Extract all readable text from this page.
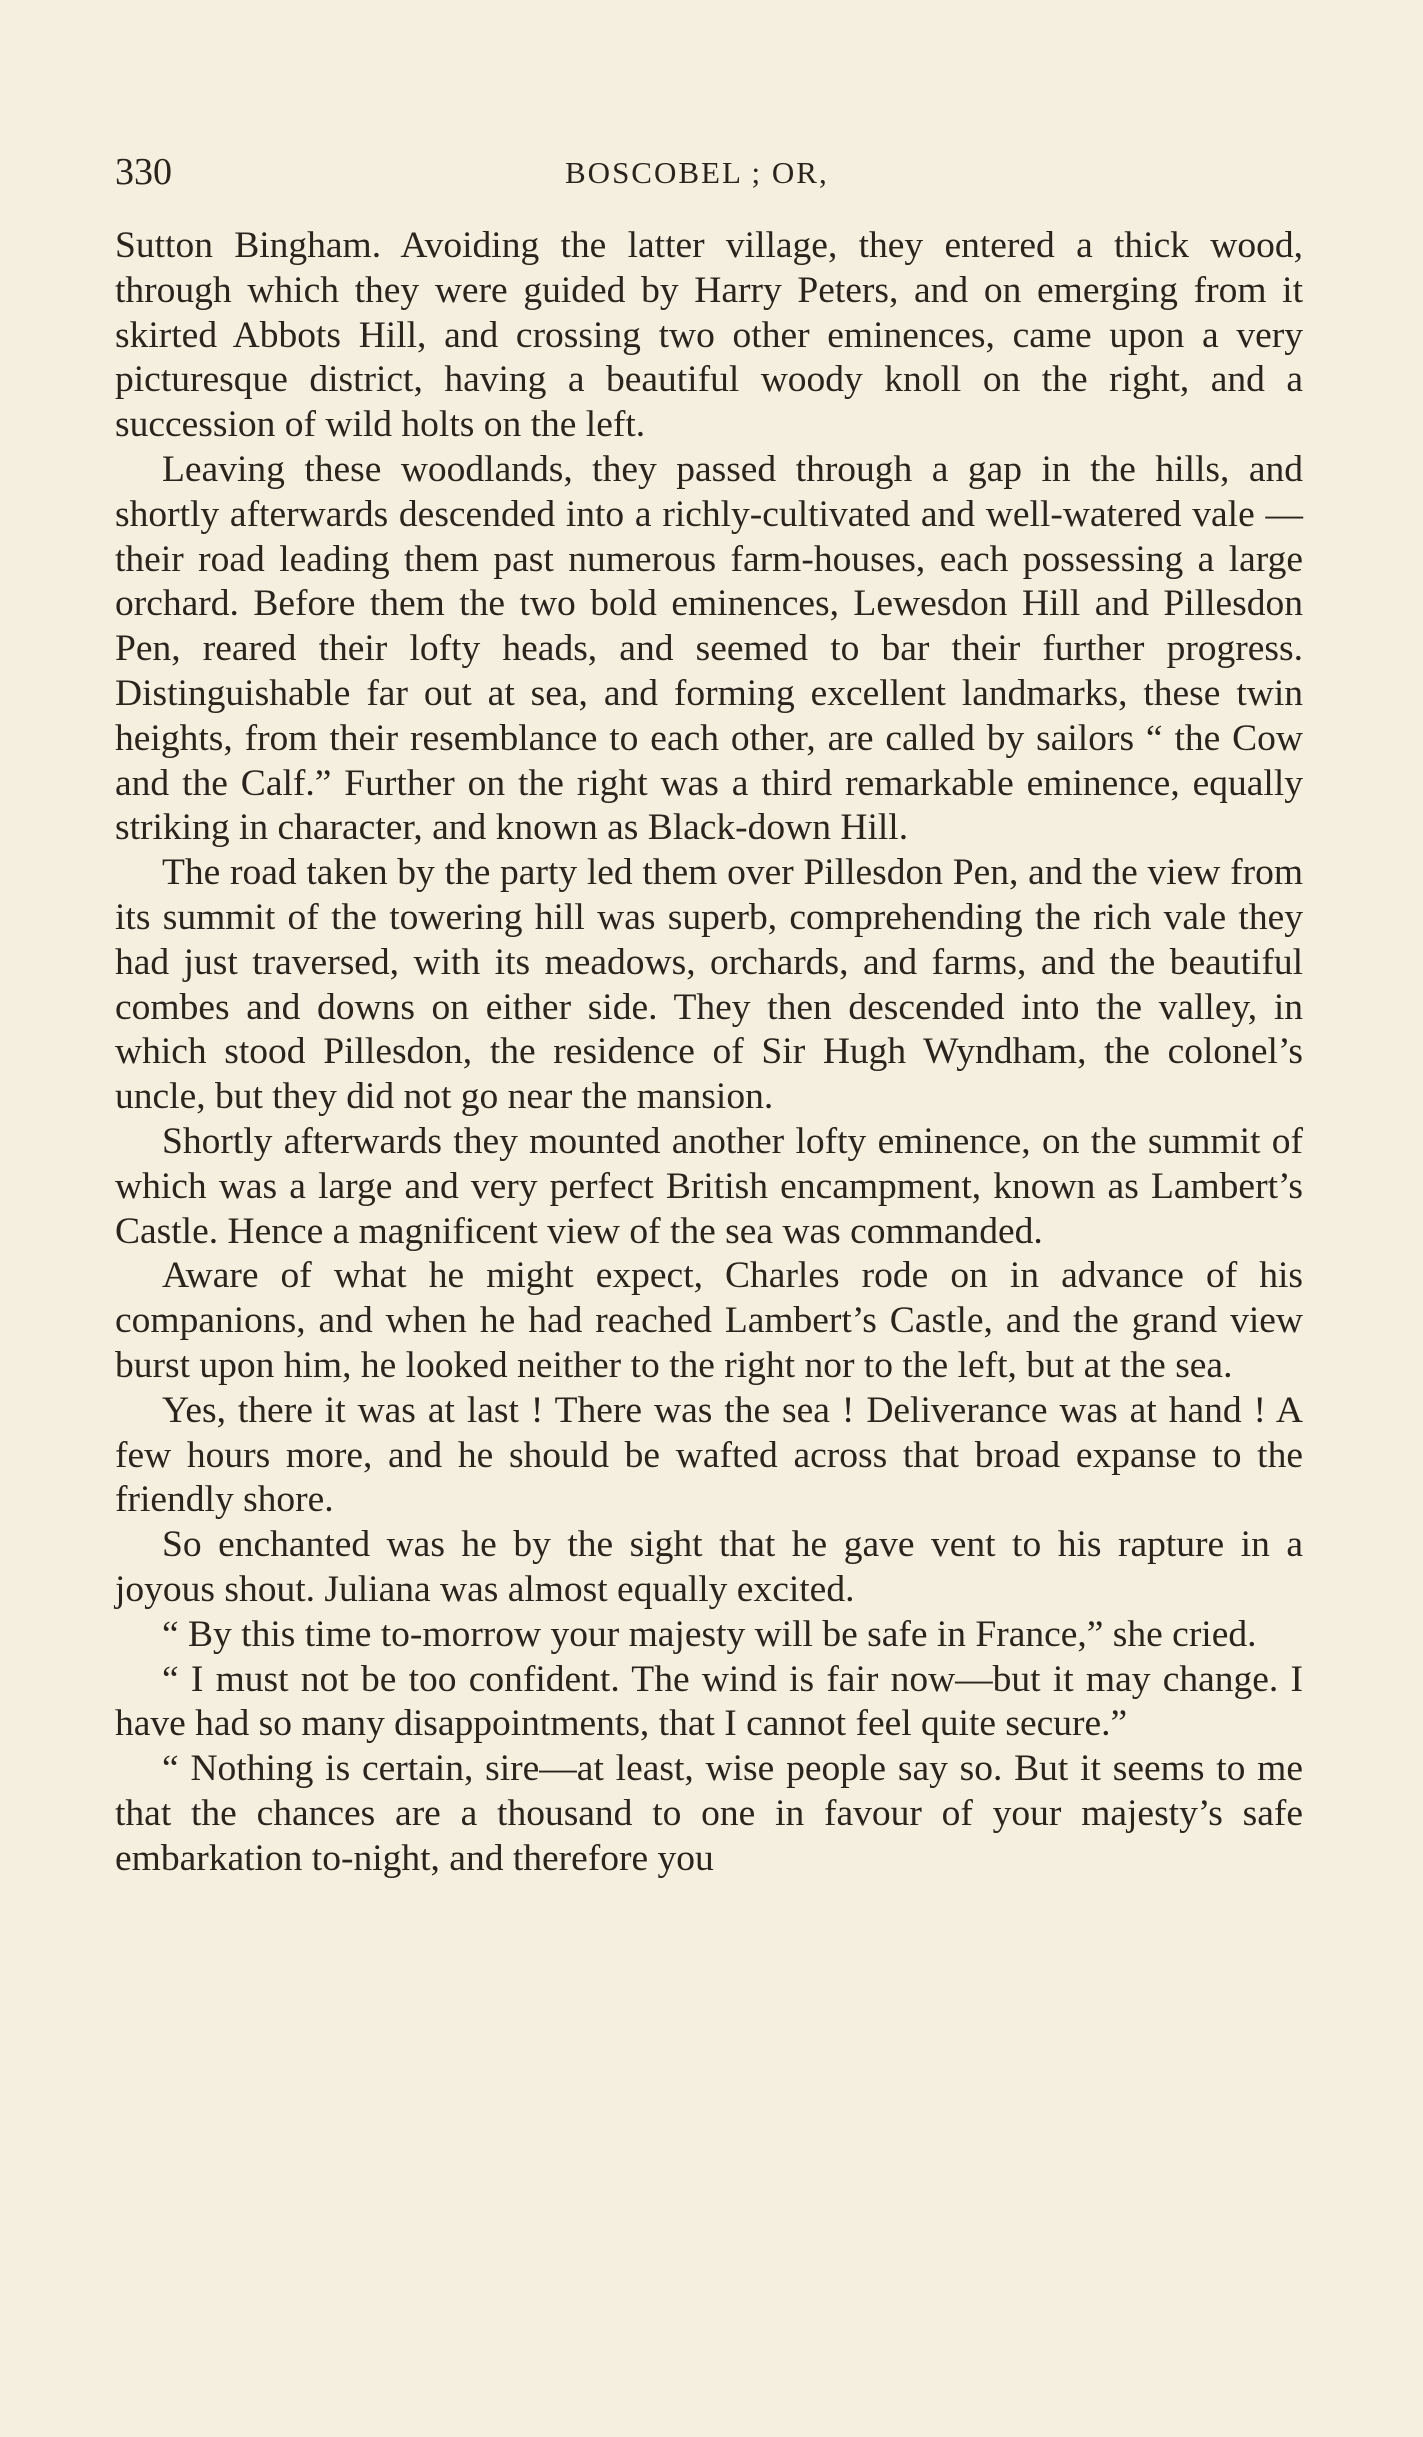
330	BOSCOBEL ; OR,

Sutton Bingham. Avoiding the latter village, they entered a thick wood, through which they were guided by Harry Peters, and on emerging from it skirted Abbots Hill, and crossing two other eminences, came upon a very picturesque district, having a beautiful woody knoll on the right, and a succession of wild holts on the left.

Leaving these woodlands, they passed through a gap in the hills, and shortly afterwards descended into a richly-cultivated and well-watered vale — their road leading them past numerous farm-houses, each possessing a large orchard. Before them the two bold eminences, Lewesdon Hill and Pillesdon Pen, reared their lofty heads, and seemed to bar their further progress. Distinguishable far out at sea, and forming excellent landmarks, these twin heights, from their resemblance to each other, are called by sailors “ the Cow and the Calf.” Further on the right was a third remarkable eminence, equally striking in character, and known as Black-down Hill.

The road taken by the party led them over Pillesdon Pen, and the view from its summit of the towering hill was superb, comprehending the rich vale they had just traversed, with its meadows, orchards, and farms, and the beautiful combes and downs on either side. They then descended into the valley, in which stood Pillesdon, the residence of Sir Hugh Wyndham, the colonel’s uncle, but they did not go near the mansion.

Shortly afterwards they mounted another lofty eminence, on the summit of which was a large and very perfect British encampment, known as Lambert’s Castle. Hence a magnificent view of the sea was commanded.

Aware of what he might expect, Charles rode on in advance of his companions, and when he had reached Lambert’s Castle, and the grand view burst upon him, he looked neither to the right nor to the left, but at the sea.

Yes, there it was at last ! There was the sea ! Deliverance was at hand ! A few hours more, and he should be wafted across that broad expanse to the friendly shore.

So enchanted was he by the sight that he gave vent to his rapture in a joyous shout. Juliana was almost equally excited.

“ By this time to-morrow your majesty will be safe in France,” she cried.

“ I must not be too confident. The wind is fair now—but it may change. I have had so many disappointments, that I cannot feel quite secure.”

“ Nothing is certain, sire—at least, wise people say so. But it seems to me that the chances are a thousand to one in favour of your majesty’s safe embarkation to-night, and therefore you
